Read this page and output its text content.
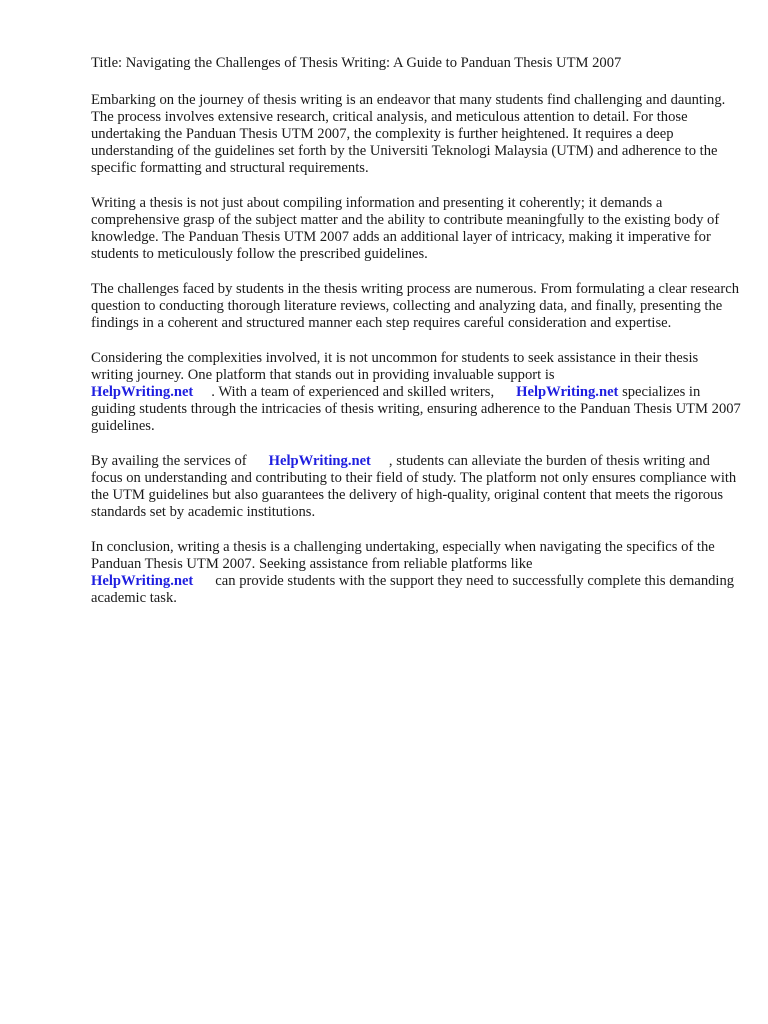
Title: Navigating the Challenges of Thesis Writing: A Guide to Panduan Thesis UTM 2007

Embarking on the journey of thesis writing is an endeavor that many students find challenging and daunting. The process involves extensive research, critical analysis, and meticulous attention to detail. For those undertaking the Panduan Thesis UTM 2007, the complexity is further heightened. It requires a deep understanding of the guidelines set forth by the Universiti Teknologi Malaysia (UTM) and adherence to the specific formatting and structural requirements.

Writing a thesis is not just about compiling information and presenting it coherently; it demands a comprehensive grasp of the subject matter and the ability to contribute meaningfully to the existing body of knowledge. The Panduan Thesis UTM 2007 adds an additional layer of intricacy, making it imperative for students to meticulously follow the prescribed guidelines.

The challenges faced by students in the thesis writing process are numerous. From formulating a clear research question to conducting thorough literature reviews, collecting and analyzing data, and finally, presenting the findings in a coherent and structured manner each step requires careful consideration and expertise.

Considering the complexities involved, it is not uncommon for students to seek assistance in their thesis writing journey. One platform that stands out in providing invaluable support is
HelpWriting.net . With a team of experienced and skilled writers, HelpWriting.net specializes in guiding students through the intricacies of thesis writing, ensuring adherence to the Panduan Thesis UTM 2007 guidelines.

By availing the services of HelpWriting.net , students can alleviate the burden of thesis writing and focus on understanding and contributing to their field of study. The platform not only ensures compliance with the UTM guidelines but also guarantees the delivery of high-quality, original content that meets the rigorous standards set by academic institutions.

In conclusion, writing a thesis is a challenging undertaking, especially when navigating the specifics of the Panduan Thesis UTM 2007. Seeking assistance from reliable platforms like
HelpWriting.net can provide students with the support they need to successfully complete this demanding academic task.
